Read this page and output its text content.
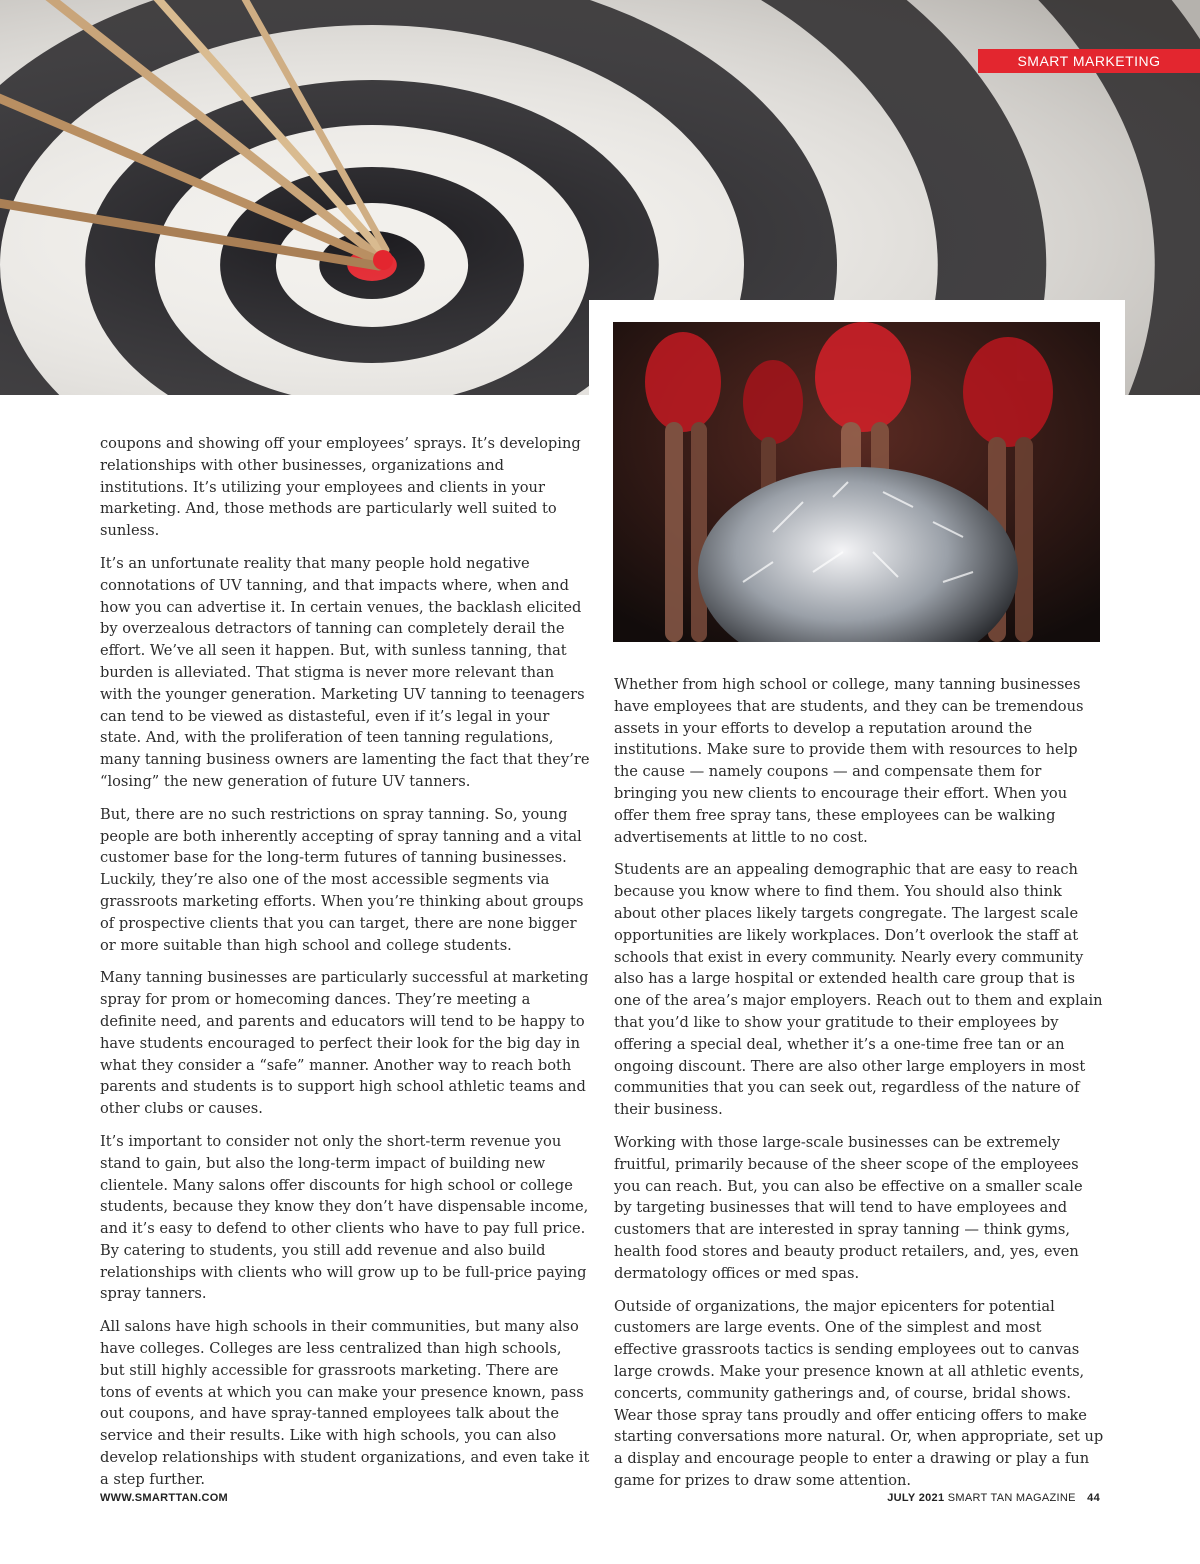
SMART MARKETING

coupons and showing off your employees’ sprays. It’s developing relationships with other businesses, organizations and institutions. It’s utilizing your employees and clients in your marketing. And, those methods are particularly well suited to sunless.

It’s an unfortunate reality that many people hold negative connotations of UV tanning, and that impacts where, when and how you can advertise it. In certain venues, the backlash elicited by overzealous detractors of tanning can completely derail the effort. We’ve all seen it happen. But, with sunless tanning, that burden is alleviated. That stigma is never more relevant than with the younger generation. Marketing UV tanning to teenagers can tend to be viewed as distasteful, even if it’s legal in your state. And, with the proliferation of teen tanning regulations, many tanning business owners are lamenting the fact that they’re “losing” the new generation of future UV tanners.

But, there are no such restrictions on spray tanning. So, young people are both inherently accepting of spray tanning and a vital customer base for the long-term futures of tanning businesses. Luckily, they’re also one of the most accessible segments via grassroots marketing efforts. When you’re thinking about groups of prospective clients that you can target, there are none bigger or more suitable than high school and college students.

Many tanning businesses are particularly successful at marketing spray for prom or homecoming dances. They’re meeting a definite need, and parents and educators will tend to be happy to have students encouraged to perfect their look for the big day in what they consider a “safe” manner. Another way to reach both parents and students is to support high school athletic teams and other clubs or causes.

It’s important to consider not only the short-term revenue you stand to gain, but also the long-term impact of building new clientele. Many salons offer discounts for high school or college students, because they know they don’t have dispensable income, and it’s easy to defend to other clients who have to pay full price. By catering to students, you still add revenue and also build relationships with clients who will grow up to be full-price paying spray tanners.

All salons have high schools in their communities, but many also have colleges. Colleges are less centralized than high schools, but still highly accessible for grassroots marketing. There are tons of events at which you can make your presence known, pass out coupons, and have spray-tanned employees talk about the service and their results. Like with high schools, you can also develop relationships with student organizations, and even take it a step further.

Whether from high school or college, many tanning businesses have employees that are students, and they can be tremendous assets in your efforts to develop a reputation around the institutions. Make sure to provide them with resources to help the cause — namely coupons — and compensate them for bringing you new clients to encourage their effort. When you offer them free spray tans, these employees can be walking advertisements at little to no cost.

Students are an appealing demographic that are easy to reach because you know where to find them. You should also think about other places likely targets congregate. The largest scale opportunities are likely workplaces. Don’t overlook the staff at schools that exist in every community. Nearly every community also has a large hospital or extended health care group that is one of the area’s major employers. Reach out to them and explain that you’d like to show your gratitude to their employees by offering a special deal, whether it’s a one-time free tan or an ongoing discount. There are also other large employers in most communities that you can seek out, regardless of the nature of their business.

Working with those large-scale businesses can be extremely fruitful, primarily because of the sheer scope of the employees you can reach. But, you can also be effective on a smaller scale by targeting businesses that will tend to have employees and customers that are interested in spray tanning — think gyms, health food stores and beauty product retailers, and, yes, even dermatology offices or med spas.

Outside of organizations, the major epicenters for potential customers are large events. One of the simplest and most effective grassroots tactics is sending employees out to canvas large crowds. Make your presence known at all athletic events, concerts, community gatherings and, of course, bridal shows. Wear those spray tans proudly and offer enticing offers to make starting conversations more natural. Or, when appropriate, set up a display and encourage people to enter a drawing or play a fun game for prizes to draw some attention.

WWW.SMARTTAN.COM	JULY 2021 SMART TAN MAGAZINE 44
